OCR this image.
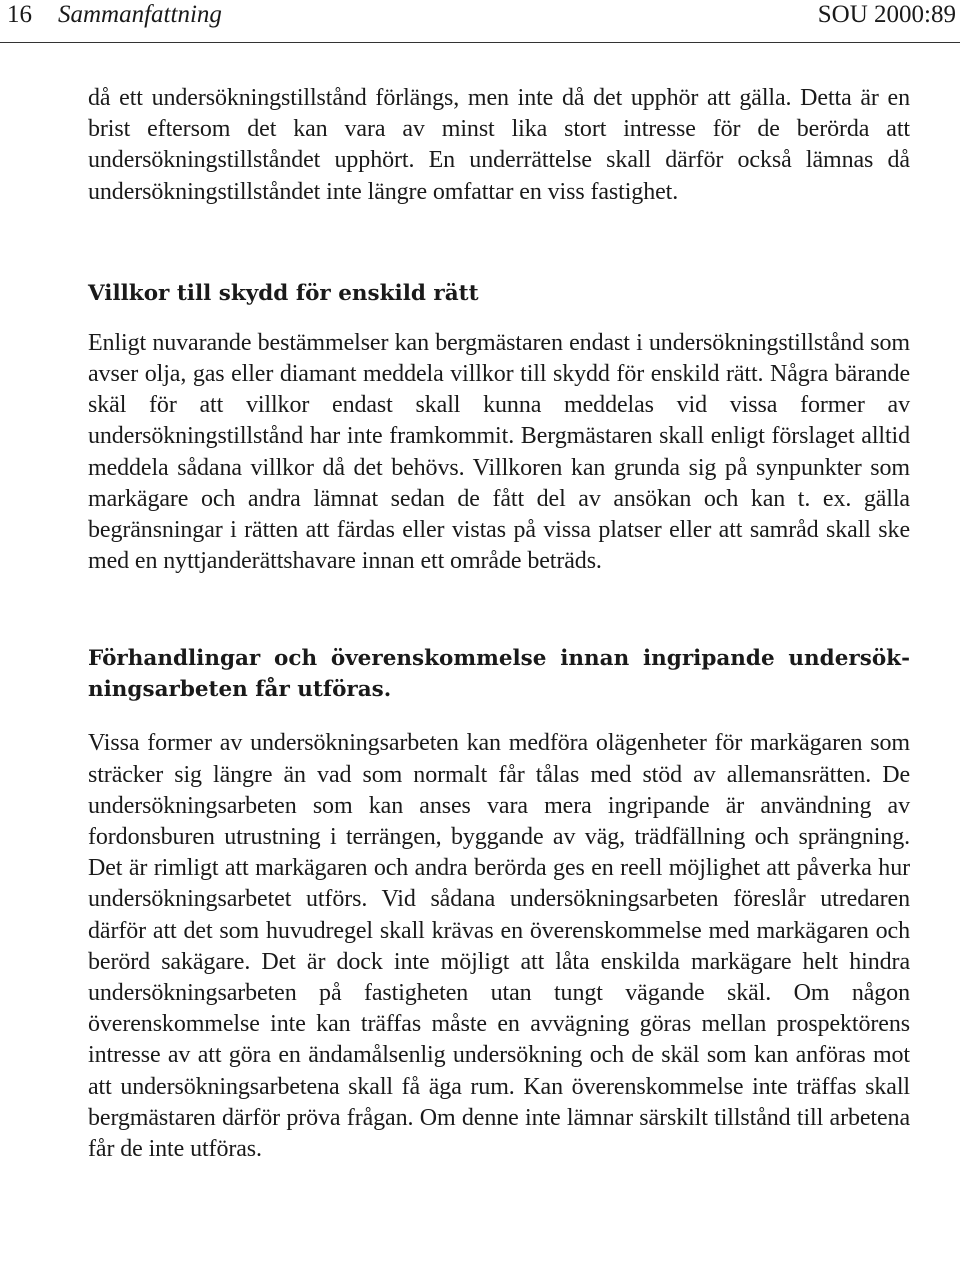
16 Sammanfattning	SOU 2000:89

då ett undersökningstillstånd förlängs, men inte då det upphör att gälla. Detta är en brist eftersom det kan vara av minst lika stort intresse för de berörda att undersökningstillståndet upphört. En underrättelse skall därför också lämnas då undersökningstillståndet inte längre omfattar en viss fastighet.

Villkor till skydd för enskild rätt

Enligt nuvarande bestämmelser kan bergmästaren endast i undersökningstillstånd som avser olja, gas eller diamant meddela villkor till skydd för enskild rätt. Några bärande skäl för att villkor endast skall kunna meddelas vid vissa former av undersökningstillstånd har inte framkommit. Bergmästaren skall enligt förslaget alltid meddela sådana villkor då det behövs. Villkoren kan grunda sig på synpunkter som markägare och andra lämnat sedan de fått del av ansökan och kan t. ex. gälla begränsningar i rätten att färdas eller vistas på vissa platser eller att samråd skall ske med en nyttjanderättshavare innan ett område beträds.

Förhandlingar och överenskommelse innan ingripande undersökningsarbeten får utföras.

Vissa former av undersökningsarbeten kan medföra olägenheter för markägaren som sträcker sig längre än vad som normalt får tålas med stöd av allemansrätten. De undersökningsarbeten som kan anses vara mera ingripande är användning av fordonsburen utrustning i terrängen, byggande av väg, trädfällning och sprängning. Det är rimligt att markägaren och andra berörda ges en reell möjlighet att påverka hur undersökningsarbetet utförs. Vid sådana undersökningsarbeten föreslår utredaren därför att det som huvudregel skall krävas en överenskommelse med markägaren och berörd sakägare. Det är dock inte möjligt att låta enskilda markägare helt hindra undersökningsarbeten på fastigheten utan tungt vägande skäl. Om någon överenskommelse inte kan träffas måste en avvägning göras mellan prospektörens intresse av att göra en ändamålsenlig undersökning och de skäl som kan anföras mot att undersökningsarbetena skall få äga rum. Kan överenskommelse inte träffas skall bergmästaren därför pröva frågan. Om denne inte lämnar särskilt tillstånd till arbetena får de inte utföras.
